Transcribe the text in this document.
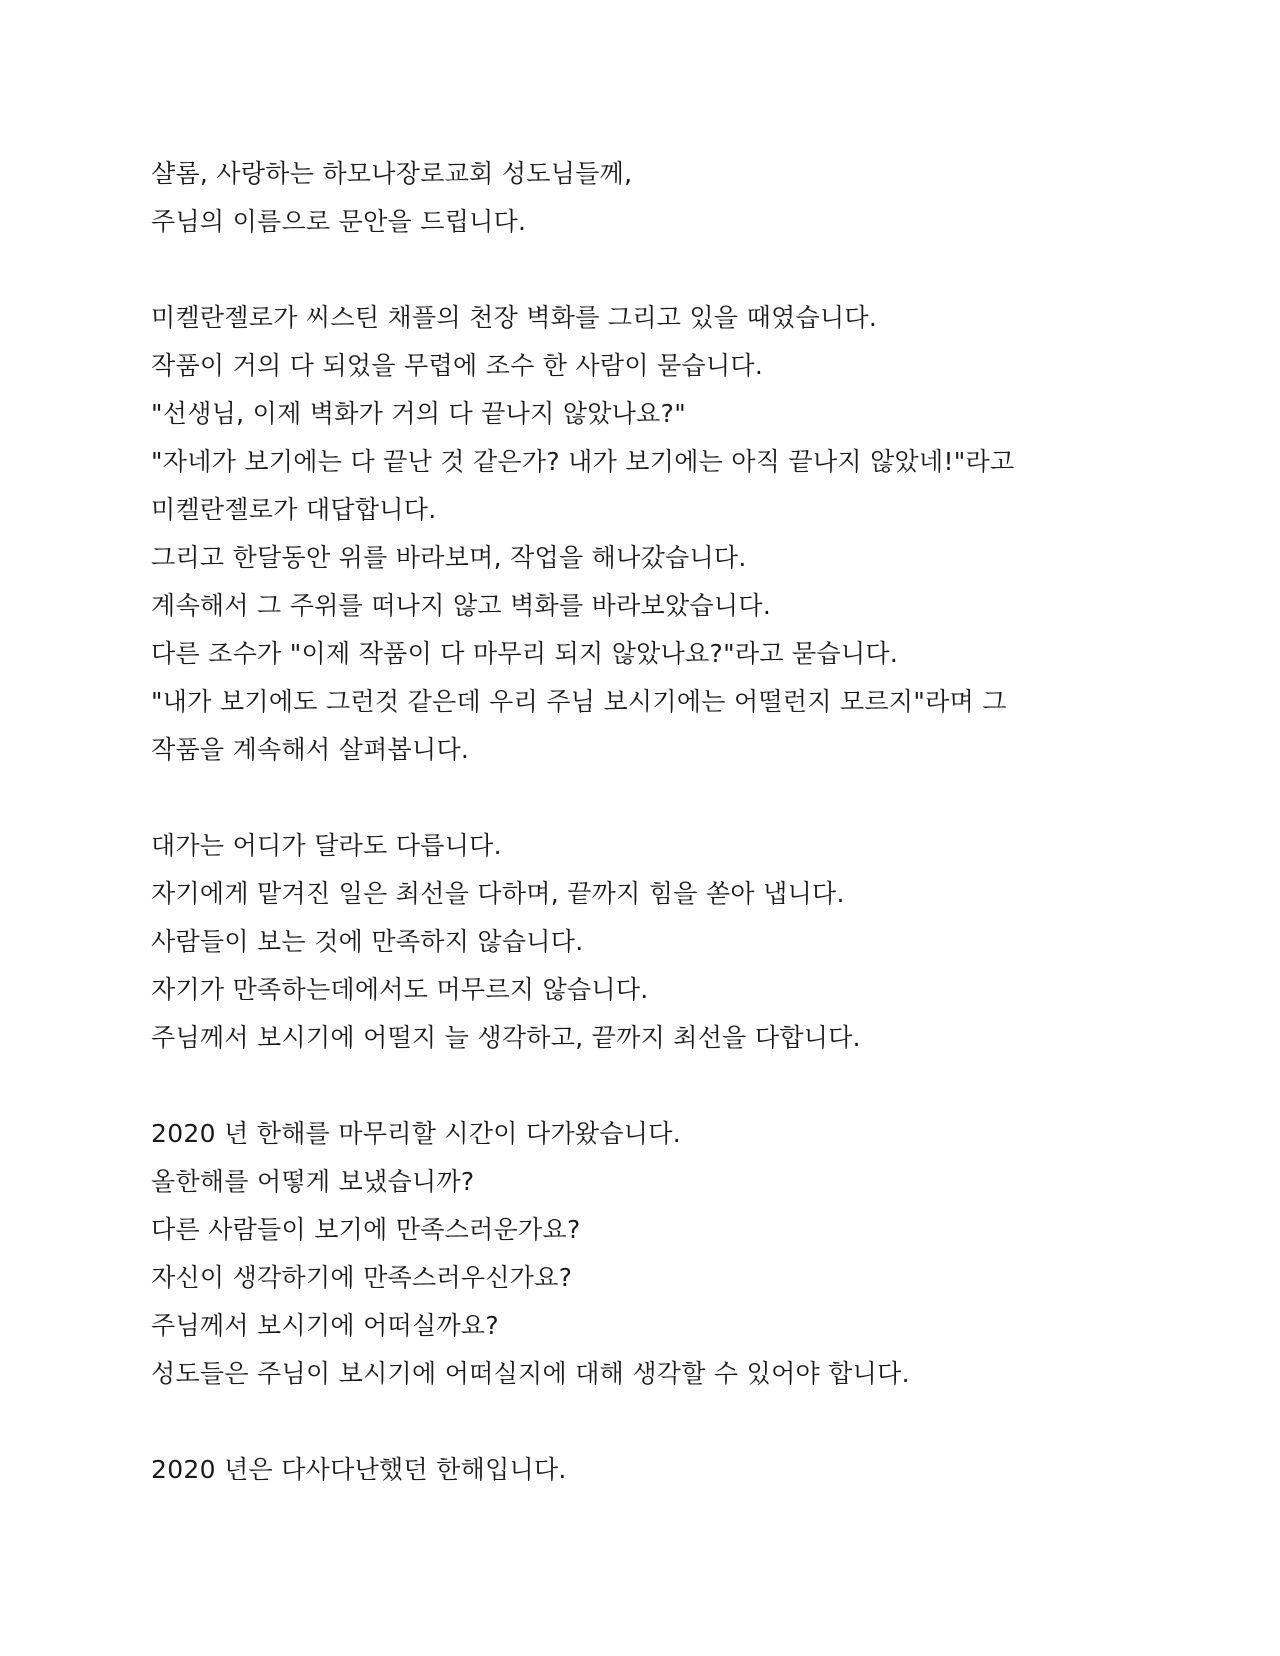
샬롬, 사랑하는 하모나장로교회 성도님들께,
주님의 이름으로 문안을 드립니다.
미켈란젤로가 씨스틴 채플의 천장 벽화를 그리고 있을 때였습니다.
작품이 거의 다 되었을 무렵에 조수 한 사람이 묻습니다.
"선생님, 이제 벽화가 거의 다 끝나지 않았나요?"
"자네가 보기에는 다 끝난 것 같은가? 내가 보기에는 아직 끝나지 않았네!"라고
미켈란젤로가 대답합니다.
그리고 한달동안 위를 바라보며, 작업을 해나갔습니다.
계속해서 그 주위를 떠나지 않고 벽화를 바라보았습니다.
다른 조수가 "이제 작품이 다 마무리 되지 않았나요?"라고 묻습니다.
"내가 보기에도 그런것 같은데 우리 주님 보시기에는 어떨런지 모르지"라며 그
작품을 계속해서 살펴봅니다.
대가는 어디가 달라도 다릅니다.
자기에게 맡겨진 일은 최선을 다하며, 끝까지 힘을 쏟아 냅니다.
사람들이 보는 것에 만족하지 않습니다.
자기가 만족하는데에서도 머무르지 않습니다.
주님께서 보시기에 어떨지 늘 생각하고, 끝까지 최선을 다합니다.
2020 년 한해를 마무리할 시간이 다가왔습니다.
올한해를 어떻게 보냈습니까?
다른 사람들이 보기에 만족스러운가요?
자신이 생각하기에 만족스러우신가요?
주님께서 보시기에 어떠실까요?
성도들은 주님이 보시기에 어떠실지에 대해 생각할 수 있어야 합니다.
2020 년은 다사다난했던 한해입니다.
